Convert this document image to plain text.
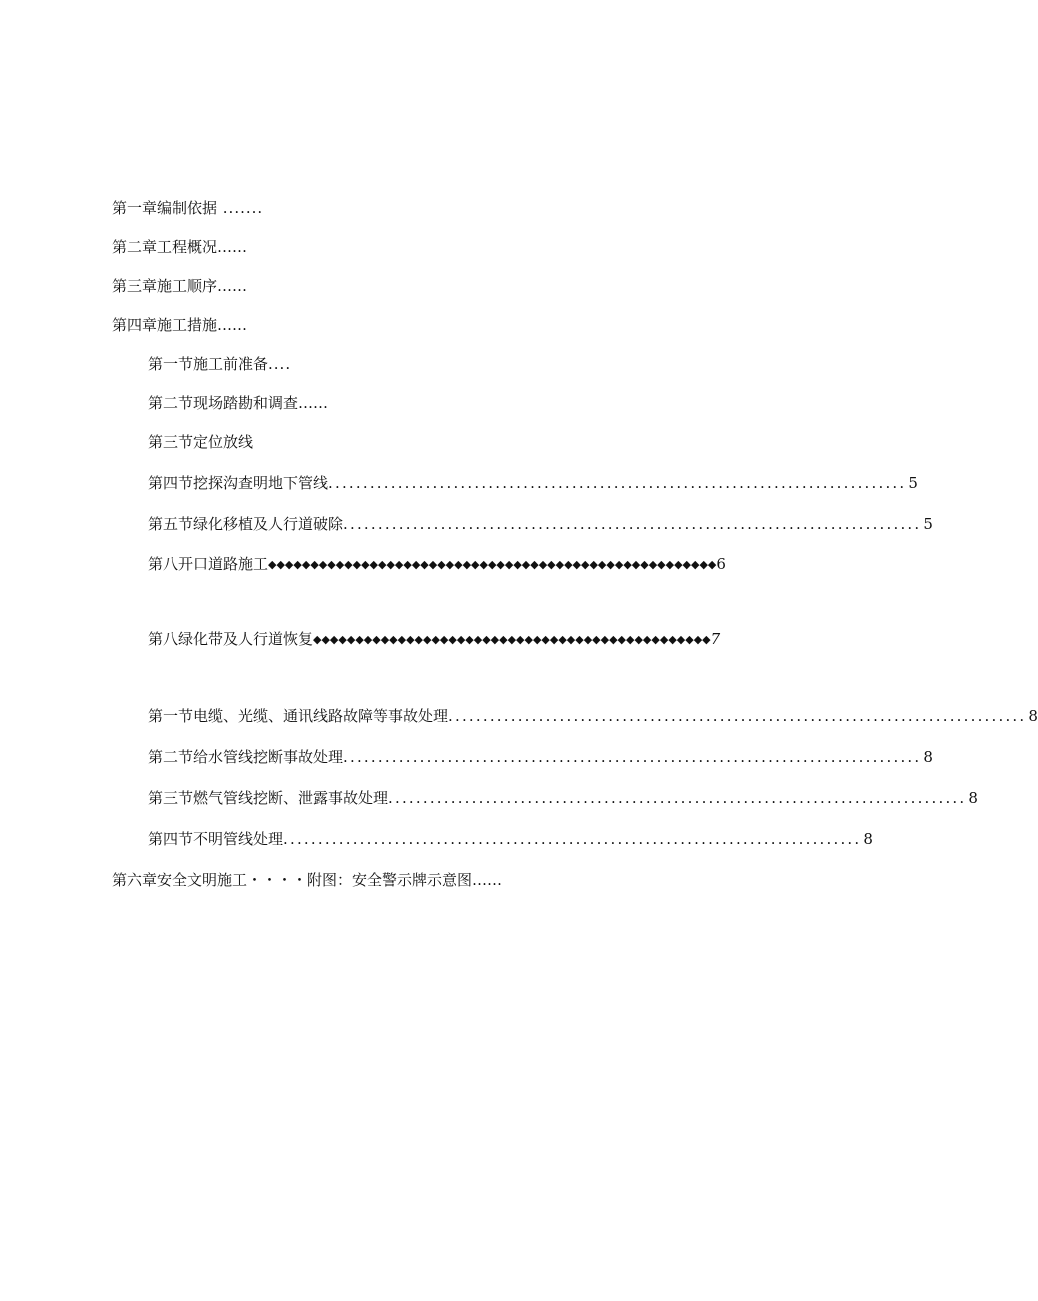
第一章编制依据 .......
第二章工程概况……
第三章施工顺序……
第四章施工措施……
第一节施工前准备....
第二节现场踏勘和调查……
第三节定位放线
第四节挖探沟查明地下管线 ................................................................................... 5
第五节绿化移植及人行道破除 ................................................................................... 5
第八开口道路施工◆◆◆◆◆◆◆◆◆◆◆◆◆◆◆◆◆◆◆◆◆◆◆◆◆◆◆◆◆◆◆◆◆◆◆◆◆◆◆◆◆◆◆◆◆◆◆◆◆◆◆◆◆6
第八绿化带及人行道恢复◆◆◆◆◆◆◆◆◆◆◆◆◆◆◆◆◆◆◆◆◆◆◆◆◆◆◆◆◆◆◆◆◆◆◆◆◆◆◆◆◆◆◆◆◆◆◆7
第一节电缆、光缆、通讯线路故障等事故处理 ................................................................................... 8
第二节给水管线挖断事故处理 ................................................................................... 8
第三节燃气管线挖断、泄露事故处理 ................................................................................... 8
第四节不明管线处理 ................................................................................... 8
第六章安全文明施工・・・・附图：安全警示牌示意图……
